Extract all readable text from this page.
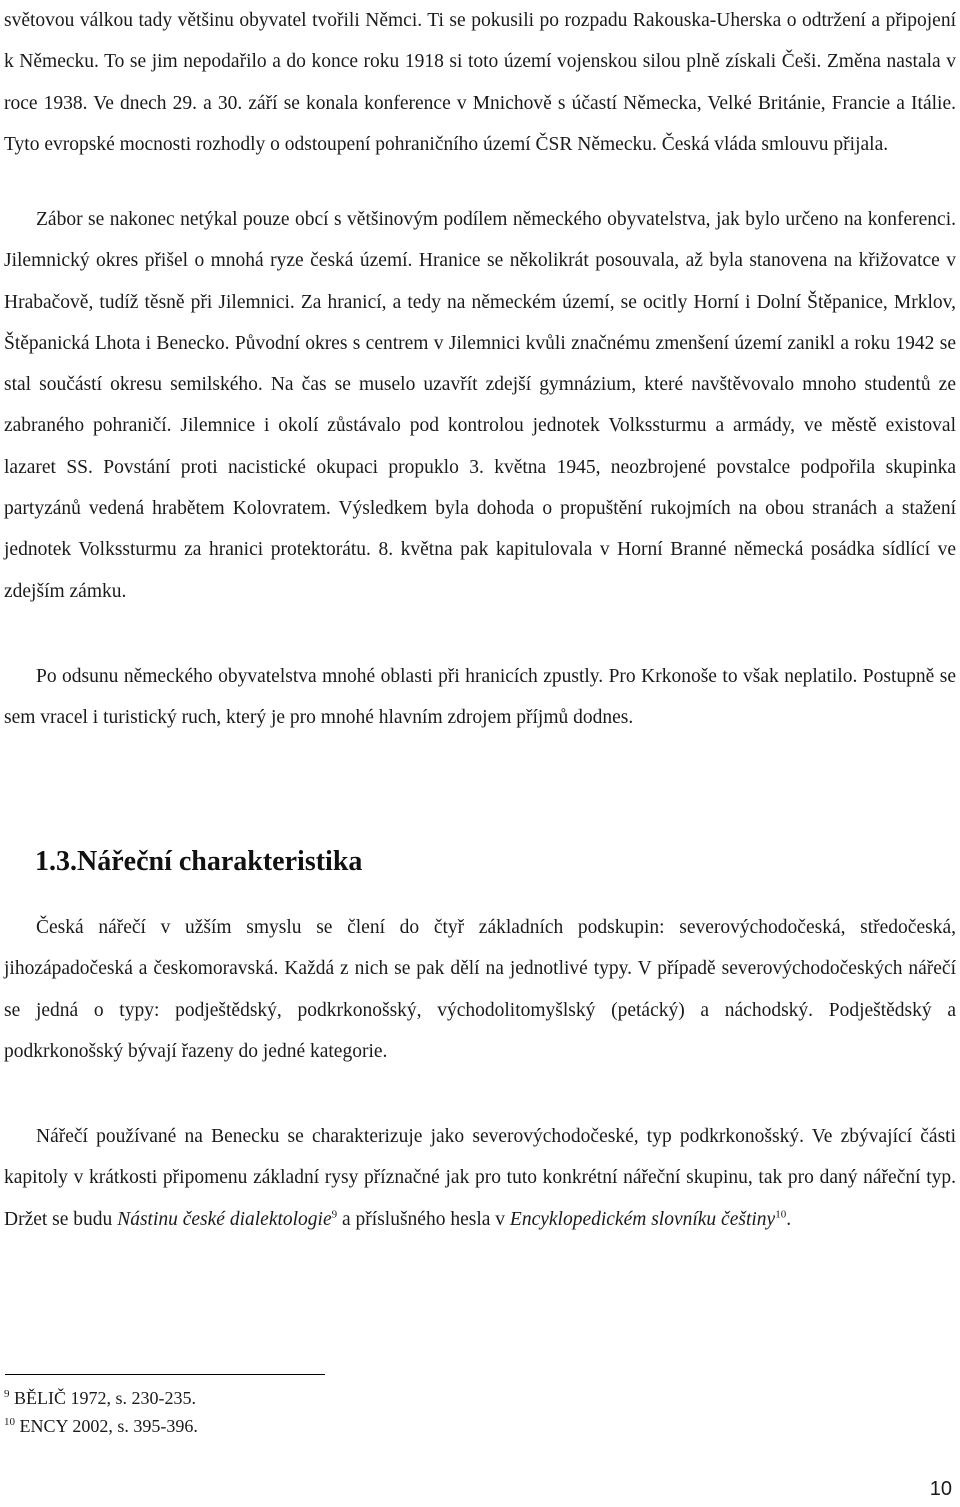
světovou válkou tady většinu obyvatel tvořili Němci. Ti se pokusili po rozpadu Rakouska-Uherska o odtržení a připojení k Německu. To se jim nepodařilo a do konce roku 1918 si toto území vojenskou silou plně získali Češi. Změna nastala v roce 1938. Ve dnech 29. a 30. září se konala konference v Mnichově s účastí Německa, Velké Británie, Francie a Itálie. Tyto evropské mocnosti rozhodly o odstoupení pohraničního území ČSR Německu. Česká vláda smlouvu přijala.

Zábor se nakonec netýkal pouze obcí s většinovým podílem německého obyvatelstva, jak bylo určeno na konferenci. Jilemnický okres přišel o mnohá ryze česká území. Hranice se několikrát posouvala, až byla stanovena na křižovatce v Hrabačově, tudíž těsně při Jilemnici. Za hranicí, a tedy na německém území, se ocitly Horní i Dolní Štěpanice, Mrklov, Štěpanická Lhota i Benecko. Původní okres s centrem v Jilemnici kvůli značnému zmenšení území zanikl a roku 1942 se stal součástí okresu semilského. Na čas se muselo uzavřít zdejší gymnázium, které navštěvovalo mnoho studentů ze zabraného pohraničí. Jilemnice i okolí zůstávalo pod kontrolou jednotek Volkssturmu a armády, ve městě existoval lazaret SS. Povstání proti nacistické okupaci propuklo 3. května 1945, neozbrojené povstalce podpořila skupinka partyzánů vedená hrabětem Kolovratem. Výsledkem byla dohoda o propuštění rukojmích na obou stranách a stažení jednotek Volkssturmu za hranici protektorátu. 8. května pak kapitulovala v Horní Branné německá posádka sídlící ve zdejším zámku.

Po odsunu německého obyvatelstva mnohé oblasti při hranicích zpustly. Pro Krkonoše to však neplatilo. Postupně se sem vracel i turistický ruch, který je pro mnohé hlavním zdrojem příjmů dodnes.

1.3.Nářeční charakteristika

Česká nářečí v užším smyslu se člení do čtyř základních podskupin: severovýchodočeská, středočeská, jihozápadočeská a českomoravská. Každá z nich se pak dělí na jednotlivé typy. V případě severovýchodočeských nářečí se jedná o typy: podještědský, podkrkonošský, východolitomyšlský (petácký) a náchodský. Podještědský a podkrkonošský bývají řazeny do jedné kategorie.

Nářečí používané na Benecku se charakterizuje jako severovýchodočeské, typ podkrkonošský. Ve zbývající části kapitoly v krátkosti připomenu základní rysy příznačné jak pro tuto konkrétní nářeční skupinu, tak pro daný nářeční typ. Držet se budu Nástinu české dialektologie$^9$ a příslušného hesla v Encyklopedickém slovníku češtiny$^{10}$.

$^9$ BĚLIČ 1972, s. 230-235.

$^{10}$ ENCY 2002, s. 395-396.

10
